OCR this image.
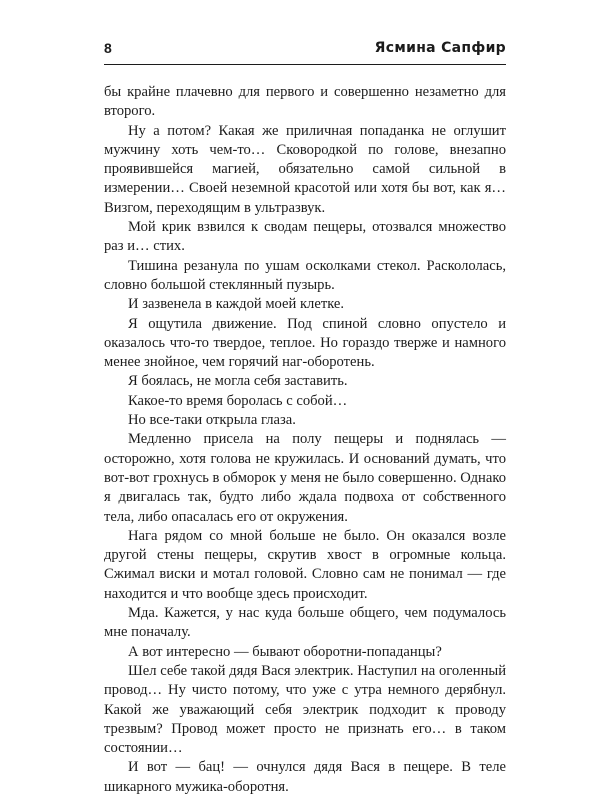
8	Ясмина Сапфир

бы крайне плачевно для первого и совершенно незаметно для второго.

Ну а потом? Какая же приличная попаданка не оглушит мужчину хоть чем-то… Сковородкой по голове, внезапно проявившейся магией, обязательно самой сильной в измерении… Своей неземной красотой или хотя бы вот, как я… Визгом, переходящим в ультразвук.

Мой крик взвился к сводам пещеры, отозвался множество раз и… стих.

Тишина резанула по ушам осколками стекол. Раскололась, словно большой стеклянный пузырь.

И зазвенела в каждой моей клетке.

Я ощутила движение. Под спиной словно опустело и оказалось что-то твердое, теплое. Но гораздо тверже и намного менее знойное, чем горячий наг-оборотень.

Я боялась, не могла себя заставить.

Какое-то время боролась с собой…

Но все-таки открыла глаза.

Медленно присела на полу пещеры и поднялась — осторожно, хотя голова не кружилась. И оснований думать, что вот-вот грохнусь в обморок у меня не было совершенно. Однако я двигалась так, будто либо ждала подвоха от собственного тела, либо опасалась его от окружения.

Нага рядом со мной больше не было. Он оказался возле другой стены пещеры, скрутив хвост в огромные кольца. Сжимал виски и мотал головой. Словно сам не понимал — где находится и что вообще здесь происходит.

Мда. Кажется, у нас куда больше общего, чем подумалось мне поначалу.

А вот интересно — бывают оборотни-попаданцы?

Шел себе такой дядя Вася электрик. Наступил на оголенный провод… Ну чисто потому, что уже с утра немного дерябнул. Какой же уважающий себя электрик подходит к проводу трезвым? Провод может просто не признать его… в таком состоянии…

И вот — бац! — очнулся дядя Вася в пещере. В теле шикарного мужика-оборотня.
